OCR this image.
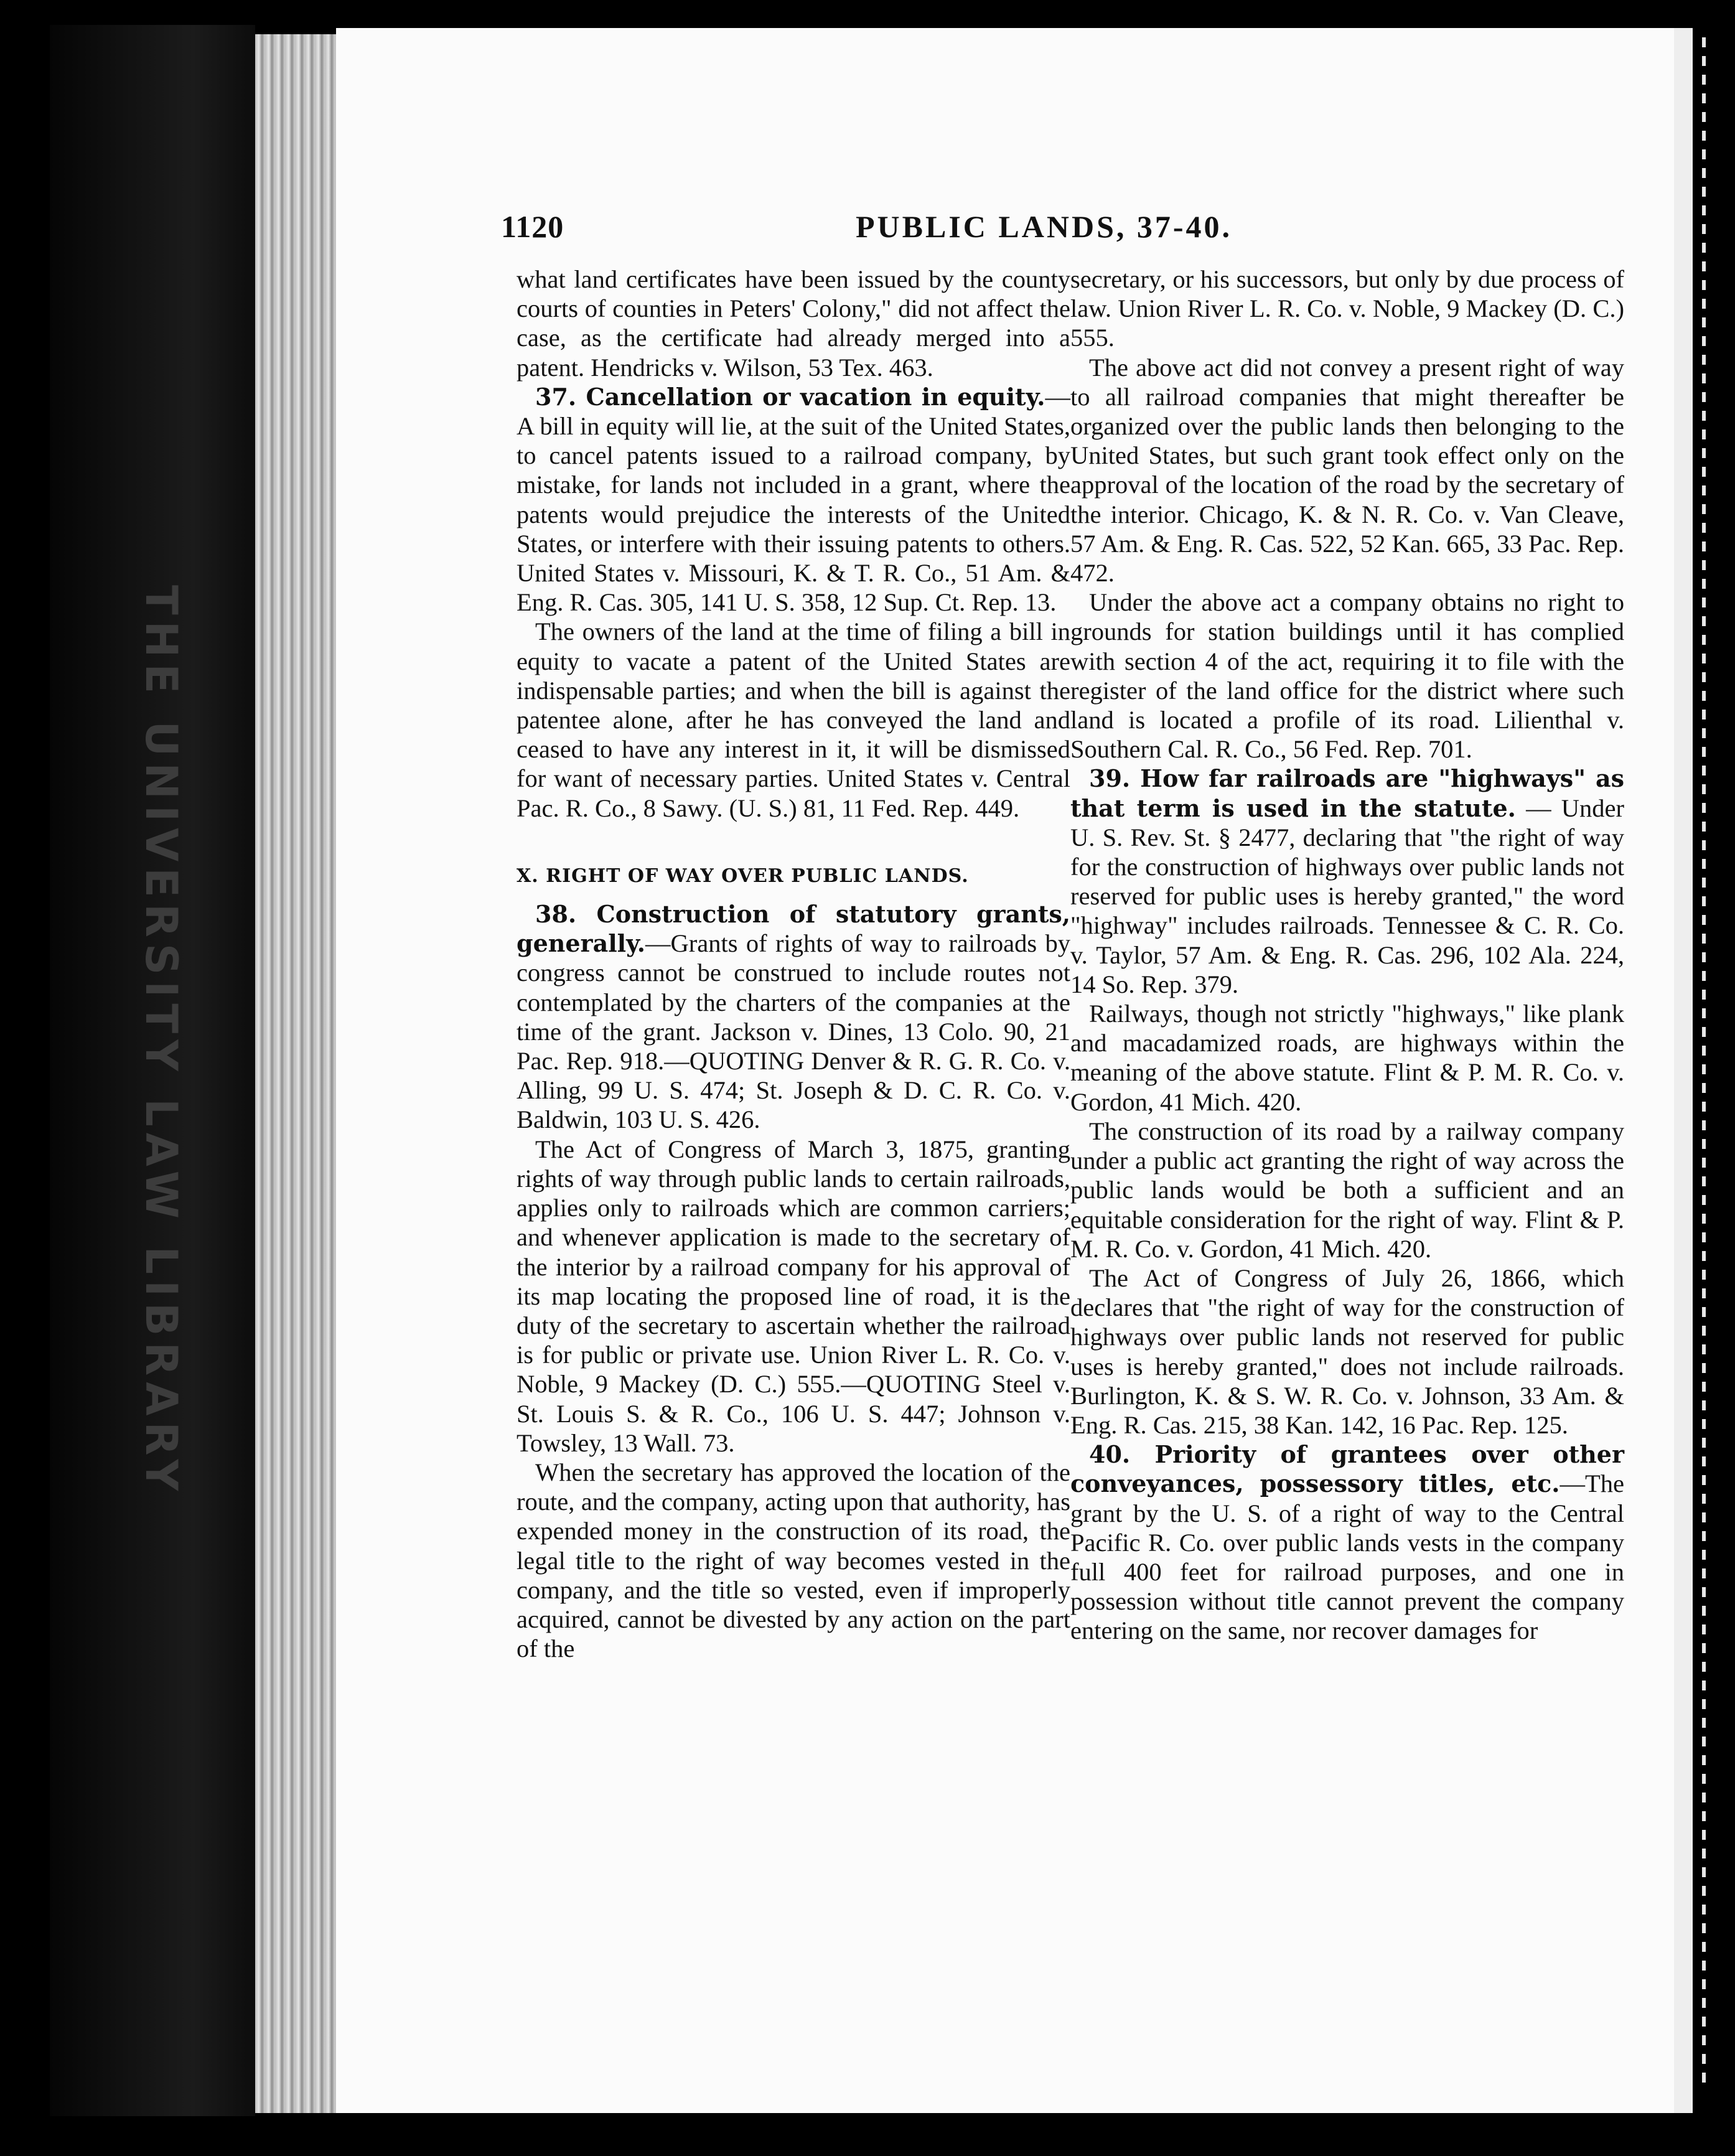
THE UNIVERSITY LAW LIBRARY
1120	PUBLIC LANDS, 37-40.

what land certificates have been issued by the county courts of counties in Peters' Colony," did not affect the case, as the certificate had already merged into a patent. Hendricks v. Wilson, 53 Tex. 463.

37. Cancellation or vacation in equity.—A bill in equity will lie, at the suit of the United States, to cancel patents issued to a railroad company, by mistake, for lands not included in a grant, where the patents would prejudice the interests of the United States, or interfere with their issuing patents to others. United States v. Missouri, K. & T. R. Co., 51 Am. & Eng. R. Cas. 305, 141 U. S. 358, 12 Sup. Ct. Rep. 13.

The owners of the land at the time of filing a bill in equity to vacate a patent of the United States are indispensable parties; and when the bill is against the patentee alone, after he has conveyed the land and ceased to have any interest in it, it will be dismissed for want of necessary parties. United States v. Central Pac. R. Co., 8 Sawy. (U. S.) 81, 11 Fed. Rep. 449.

X. RIGHT OF WAY OVER PUBLIC LANDS.

38. Construction of statutory grants, generally.—Grants of rights of way to railroads by congress cannot be construed to include routes not contemplated by the charters of the companies at the time of the grant. Jackson v. Dines, 13 Colo. 90, 21 Pac. Rep. 918.—QUOTING Denver & R. G. R. Co. v. Alling, 99 U. S. 474; St. Joseph & D. C. R. Co. v. Baldwin, 103 U. S. 426.

The Act of Congress of March 3, 1875, granting rights of way through public lands to certain railroads, applies only to railroads which are common carriers; and whenever application is made to the secretary of the interior by a railroad company for his approval of its map locating the proposed line of road, it is the duty of the secretary to ascertain whether the railroad is for public or private use. Union River L. R. Co. v. Noble, 9 Mackey (D. C.) 555.—QUOTING Steel v. St. Louis S. & R. Co., 106 U. S. 447; Johnson v. Towsley, 13 Wall. 73.

When the secretary has approved the location of the route, and the company, acting upon that authority, has expended money in the construction of its road, the legal title to the right of way becomes vested in the company, and the title so vested, even if improperly acquired, cannot be divested by any action on the part of the

secretary, or his successors, but only by due process of law. Union River L. R. Co. v. Noble, 9 Mackey (D. C.) 555.

The above act did not convey a present right of way to all railroad companies that might thereafter be organized over the public lands then belonging to the United States, but such grant took effect only on the approval of the location of the road by the secretary of the interior. Chicago, K. & N. R. Co. v. Van Cleave, 57 Am. & Eng. R. Cas. 522, 52 Kan. 665, 33 Pac. Rep. 472.

Under the above act a company obtains no right to grounds for station buildings until it has complied with section 4 of the act, requiring it to file with the register of the land office for the district where such land is located a profile of its road. Lilienthal v. Southern Cal. R. Co., 56 Fed. Rep. 701.

39. How far railroads are "highways" as that term is used in the statute. — Under U. S. Rev. St. § 2477, declaring that "the right of way for the construction of highways over public lands not reserved for public uses is hereby granted," the word "highway" includes railroads. Tennessee & C. R. Co. v. Taylor, 57 Am. & Eng. R. Cas. 296, 102 Ala. 224, 14 So. Rep. 379.

Railways, though not strictly "highways," like plank and macadamized roads, are highways within the meaning of the above statute. Flint & P. M. R. Co. v. Gordon, 41 Mich. 420.

The construction of its road by a railway company under a public act granting the right of way across the public lands would be both a sufficient and an equitable consideration for the right of way. Flint & P. M. R. Co. v. Gordon, 41 Mich. 420.

The Act of Congress of July 26, 1866, which declares that "the right of way for the construction of highways over public lands not reserved for public uses is hereby granted," does not include railroads. Burlington, K. & S. W. R. Co. v. Johnson, 33 Am. & Eng. R. Cas. 215, 38 Kan. 142, 16 Pac. Rep. 125.

40. Priority of grantees over other conveyances, possessory titles, etc.—The grant by the U. S. of a right of way to the Central Pacific R. Co. over public lands vests in the company full 400 feet for railroad purposes, and one in possession without title cannot prevent the company entering on the same, nor recover damages for
